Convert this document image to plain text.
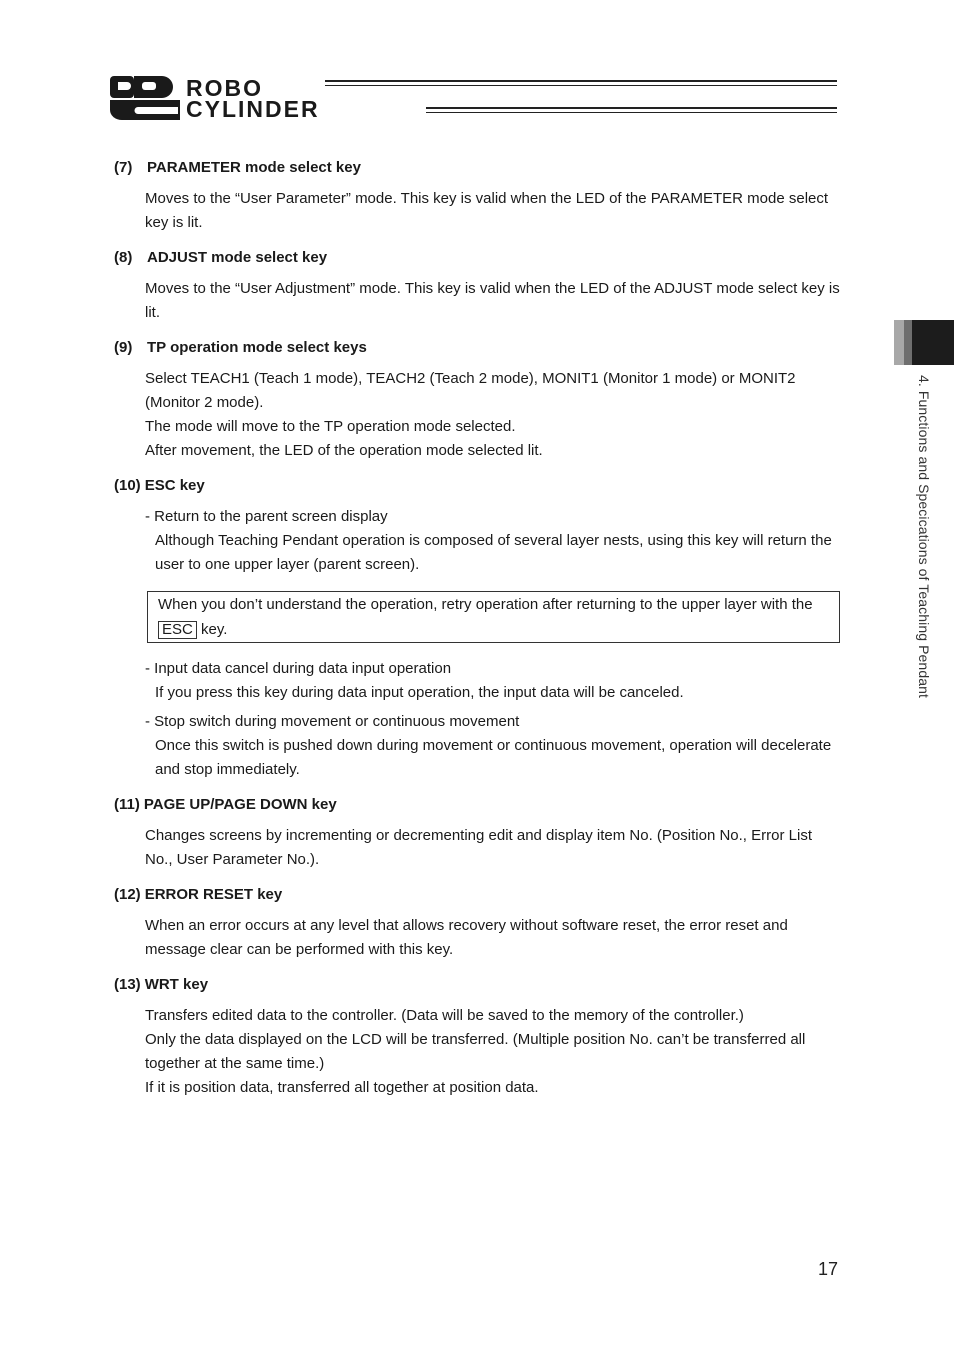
ROBO
CYLINDER
(7) PARAMETER mode select key
Moves to the “User Parameter” mode. This key is valid when the LED of the PARAMETER mode select key is lit.
(8) ADJUST mode select key
Moves to the “User Adjustment” mode. This key is valid when the LED of the ADJUST mode select key is lit.
(9) TP operation mode select keys
Select TEACH1 (Teach 1 mode), TEACH2 (Teach 2 mode), MONIT1 (Monitor 1 mode) or MONIT2 (Monitor 2 mode).
The mode will move to the TP operation mode selected.
After movement, the LED of the operation mode selected lit.
(10) ESC key
- Return to the parent screen display
Although Teaching Pendant operation is composed of several layer nests, using this key will return the user to one upper layer (parent screen).
When you don’t understand the operation, retry operation after returning to the upper layer with the ESC key.
- Input data cancel during data input operation
If you press this key during data input operation, the input data will be canceled.
- Stop switch during movement or continuous movement
Once this switch is pushed down during movement or continuous movement, operation will decelerate and stop immediately.
(11) PAGE UP/PAGE DOWN key
Changes screens by incrementing or decrementing edit and display item No. (Position No., Error List No., User Parameter No.).
(12) ERROR RESET key
When an error occurs at any level that allows recovery without software reset, the error reset and message clear can be performed with this key.
(13) WRT key
Transfers edited data to the controller. (Data will be saved to the memory of the controller.)
Only the data displayed on the LCD will be transferred. (Multiple position No. can’t be transferred all together at the same time.)
If it is position data, transferred all together at position data.
4. Functions and Specications of Teaching Pendant
17
